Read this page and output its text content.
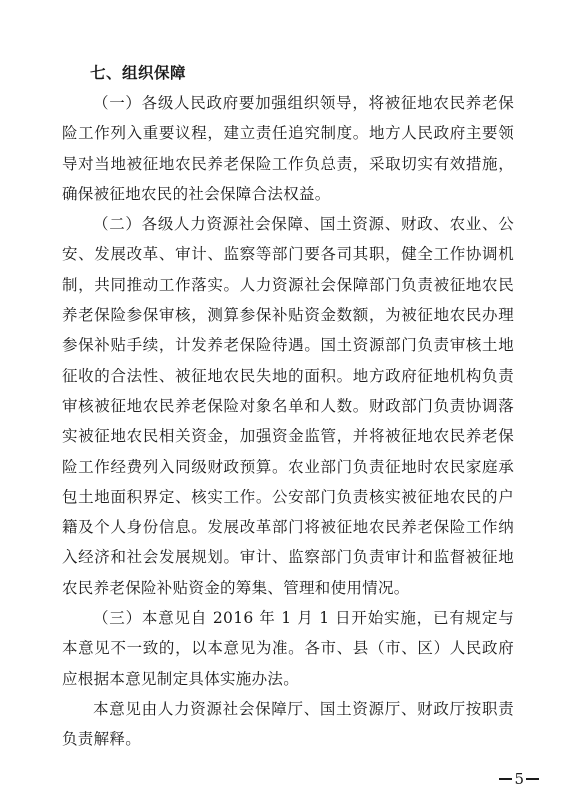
七、组织保障

（一）各级人民政府要加强组织领导，将被征地农民养老保险工作列入重要议程，建立责任追究制度。地方人民政府主要领导对当地被征地农民养老保险工作负总责，采取切实有效措施，确保被征地农民的社会保障合法权益。

（二）各级人力资源社会保障、国土资源、财政、农业、公安、发展改革、审计、监察等部门要各司其职，健全工作协调机制，共同推动工作落实。人力资源社会保障部门负责被征地农民养老保险参保审核，测算参保补贴资金数额，为被征地农民办理参保补贴手续，计发养老保险待遇。国土资源部门负责审核土地征收的合法性、被征地农民失地的面积。地方政府征地机构负责审核被征地农民养老保险对象名单和人数。财政部门负责协调落实被征地农民相关资金，加强资金监管，并将被征地农民养老保险工作经费列入同级财政预算。农业部门负责征地时农民家庭承包土地面积界定、核实工作。公安部门负责核实被征地农民的户籍及个人身份信息。发展改革部门将被征地农民养老保险工作纳入经济和社会发展规划。审计、监察部门负责审计和监督被征地农民养老保险补贴资金的筹集、管理和使用情况。

（三）本意见自 2016 年 1 月 1 日开始实施，已有规定与本意见不一致的，以本意见为准。各市、县（市、区）人民政府应根据本意见制定具体实施办法。

本意见由人力资源社会保障厅、国土资源厅、财政厅按职责负责解释。

5
